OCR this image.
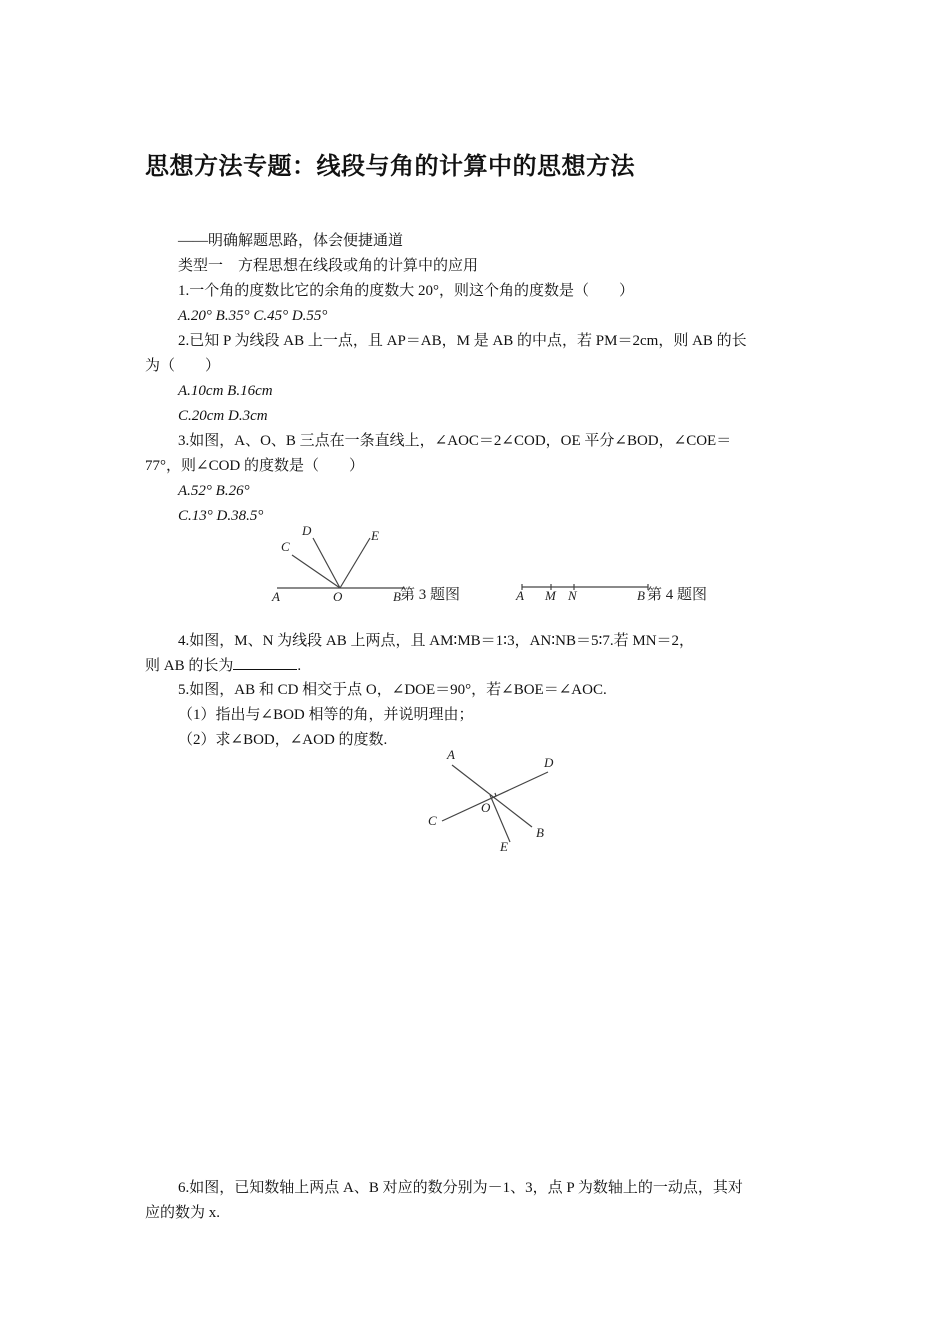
思想方法专题：线段与角的计算中的思想方法
——明确解题思路，体会便捷通道
类型一　方程思想在线段或角的计算中的应用
1.一个角的度数比它的余角的度数大 20°，则这个角的度数是（　　）
A.20° B.35° C.45° D.55°
2.已知 P 为线段 AB 上一点，且 AP＝AB，M 是 AB 的中点，若 PM＝2cm，则 AB 的长
为（　　）
A.10cm B.16cm
C.20cm D.3cm
3.如图，A、O、B 三点在一条直线上，∠AOC＝2∠COD，OE 平分∠BOD，∠COE＝
77°，则∠COD 的度数是（　　）
A.52° B.26°
C.13° D.38.5°
A	O	B
C
D	E
第 3 题图	A M N	B 第 4 题图
4.如图，M、N 为线段 AB 上两点，且 AM∶MB＝1∶3，AN∶NB＝5∶7.若 MN＝2，
则 AB 的长为	.
5.如图，AB 和 CD 相交于点 O，∠DOE＝90°，若∠BOE＝∠AOC.
（1）指出与∠BOD 相等的角，并说明理由；
（2）求∠BOD，∠AOD 的度数.
A
D
O
C
B
E
6.如图，已知数轴上两点 A、B 对应的数分别为－1、3，点 P 为数轴上的一动点，其对
应的数为 x.
